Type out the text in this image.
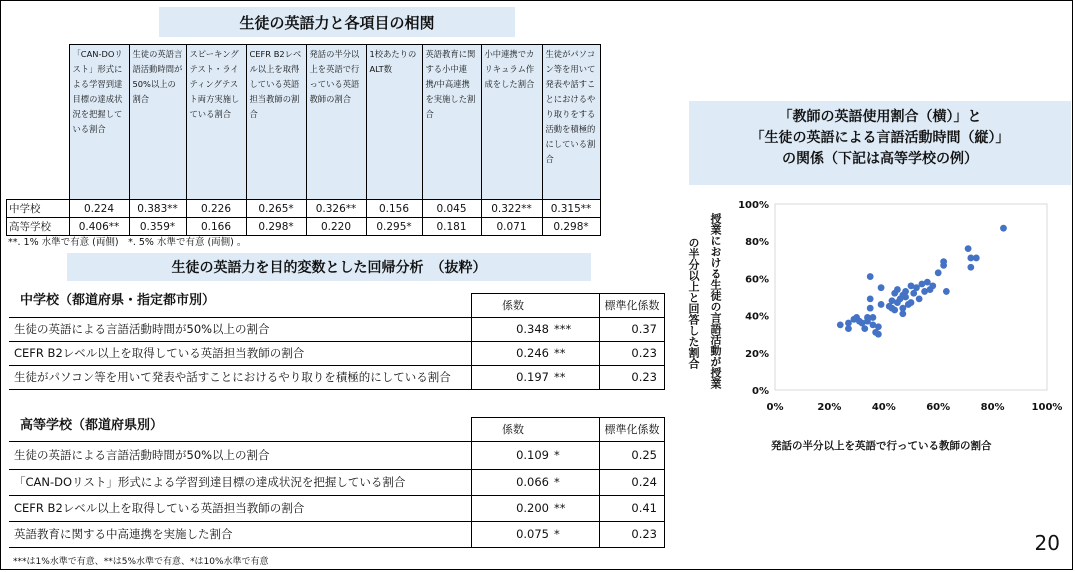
生徒の英語力と各項目の相関
	「CAN-DOリスト」形式による学習到達目標の達成状況を把握している割合	生徒の英語言語活動時間が50%以上の割合	スピーキングテスト・ライティングテスト両方実施している割合	CEFR B2レベル以上を取得している英語担当教師の割合	発話の半分以上を英語で行っている英語教師の割合	1校あたりのALT数	英語教育に関する小中連携/中高連携を実施した割合	小中連携でカリキュラム作成をした割合	生徒がパソコン等を用いて発表や話すことにおけるやり取りをする活動を積極的にしている割合
中学校	0.224	0.383**	0.226	0.265*	0.326**	0.156	0.045	0.322**	0.315**
高等学校	0.406**	0.359*	0.166	0.298*	0.220	0.295*	0.181	0.071	0.298*
**. 1% 水準で有意 (両側)　*. 5% 水準で有意 (両側) 。
生徒の英語力を目的変数とした回帰分析　（抜粋）
中学校（都道府県・指定都市別）	係数	標準化係数
生徒の英語による言語活動時間が50%以上の割合	0.348 ***	0.37
CEFR B2レベル以上を取得している英語担当教師の割合	0.246 **	0.23
生徒がパソコン等を用いて発表や話すことにおけるやり取りを積極的にしている割合	0.197 **	0.23
高等学校（都道府県別）	係数	標準化係数
生徒の英語による言語活動時間が50%以上の割合	0.109 *	0.25
「CAN-DOリスト」形式による学習到達目標の達成状況を把握している割合	0.066 *	0.24
CEFR B2レベル以上を取得している英語担当教師の割合	0.200 **	0.41
英語教育に関する中高連携を実施した割合	0.075 *	0.23
***は1%水準で有意、**は5%水準で有意、*は10%水準で有意
「教師の英語使用割合（横）」と
「生徒の英語による言語活動時間（縦）」
の関係（下記は高等学校の例）
授業における生徒の言語活動が授業
の半分以上と回答した割合
0%
20%
40%
60%
80%
100%
0%	20%	40%	60%	80%	100%
発話の半分以上を英語で行っている教師の割合
20
